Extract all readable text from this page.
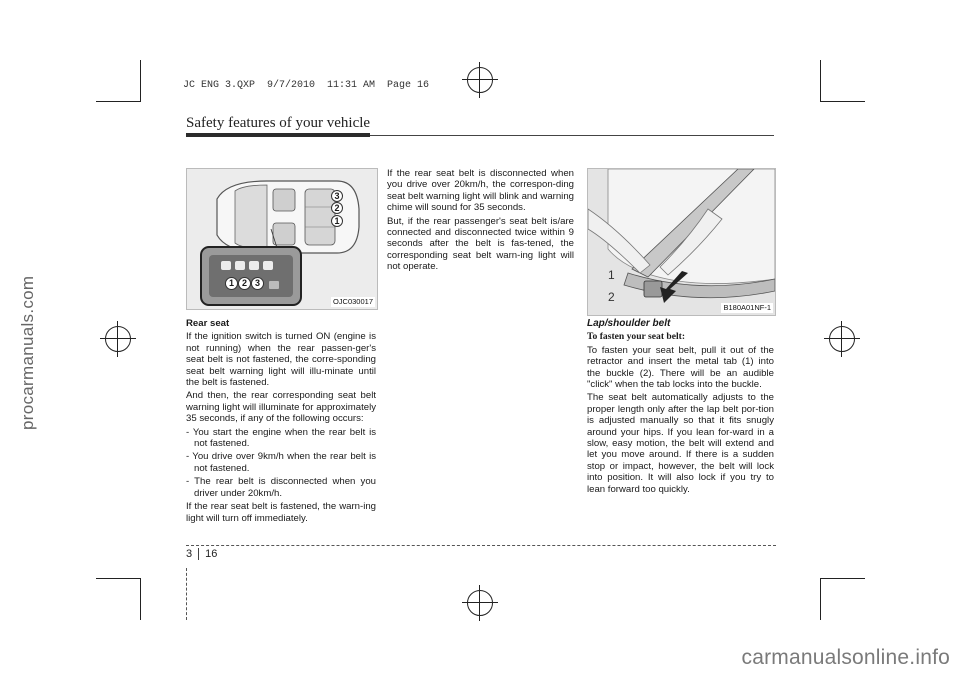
JC ENG 3.QXP  9/7/2010  11:31 AM  Page 16
procarmanuals.com
carmanualsonline.info
Safety features of your vehicle
3
2
1
1 2 3
OJC030017

Rear seat

If the ignition switch is turned ON (engine is not running) when the rear passen-ger's seat belt is not fastened, the corre-sponding seat belt warning light will illu-minate until the belt is fastened.

And then, the rear corresponding seat belt warning light will illuminate for approximately 35 seconds, if any of the following occurs:

- You start the engine when the rear belt is not fastened.

- You drive over 9km/h when the rear belt is not fastened.

- The rear belt is disconnected when you driver under 20km/h.

If the rear seat belt is fastened, the warn-ing light will turn off immediately.

If the rear seat belt is disconnected when you drive over 20km/h, the correspon-ding seat belt warning light will blink and warning chime will sound for 35 seconds.

But, if the rear passenger's seat belt is/are connected and disconnected twice within 9 seconds after the belt is fas-tened, the corresponding seat belt warn-ing light will not operate.

1
2
B180A01NF-1

Lap/shoulder belt

To fasten your seat belt:

To fasten your seat belt, pull it out of the retractor and insert the metal tab (1) into the buckle (2). There will be an audible "click" when the tab locks into the buckle.

The seat belt automatically adjusts to the proper length only after the lap belt por-tion is adjusted manually so that it fits snugly around your hips. If you lean for-ward in a slow, easy motion, the belt will extend and let you move around. If there is a sudden stop or impact, however, the belt will lock into position. It will also lock if you try to lean forward too quickly.

3 16
